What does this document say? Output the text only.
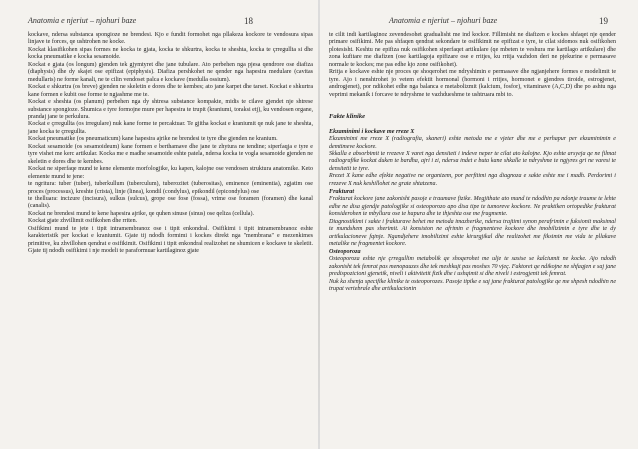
Anatomia e njeriut – njohuri baze	18

kockave, ndersa substanca spongioze ne brendesi. Kjo e fundit formohet nga pllakeza kockore te vendosura sipas linjave te forces, qe ushtrohen ne kocke.

Kockat klasifikohen sipas formes ne kocka te gjata, kocka te shkurtra, kocka te sheshta, kocka te çrregullta si dhe kocka pneumatike e kocka sesamoide.

Kockat e gjata (os longum) gjenden tek gjymtyret dhe jane tubulare. Ato perbehen nga pjesa qendrore ose diafiza (diaphysis) dhe dy skajet ose epifizat (epiphysis). Diafiza pershkohet ne qender nga hapesira medulare (cavitas medullaris) ne forme kanali, ne te cilin vendoset palca e kockave (medulla ossium).

Kockat e shkurtra (os breve) gjenden ne skeletin e dores dhe te kembes; ato jane karpet dhe tarset. Kockat e shkurtra kane formen e kubit ose forme te ngjashme me te.

Kockat e sheshta (os planum) perbehen nga dy shtresa substance kompakte, midis te cilave gjendet nje shtrese substance spongioze. Shumica e tyre formojne mure per hapesira te trupit (kraniumi, toraksi etj), ku vendosen organe, prandaj jane te perkulura.

Kockat e çrregullta (os irregulare) nuk kane forme te percaktuar. Te gjitha kockat e kraniumit qe nuk jane te sheshta, jane kocka te çrregullta.

Kockat pneumatike (os pneumaticum) kane hapesira ajrike ne brendesi te tyre dhe gjenden ne kranium.

Kockat sesamoide (os sesamoideum) kane formen e berthamave dhe jane te zhytura ne tendine; siperfaqja e tyre e tyre vishet me kerc artikular. Kocka me e madhe sesamoide eshte patela, ndersa kocka te vogla sesamoide gjenden ne skeletin e dores dhe te kembes.

Kockat ne siperfaqe mund te kene elemente morfologjike, ku kapen, kalojne ose vendosen struktura anatomike. Keto elemente mund te jene:

te ngritura: tuber (tuber), tuberkullum (tuberculum), tuberozitet (tuberositas), eminence (eminentia), zgjatim ose proces (processus), kreshte (crista), linje (linea), kondil (condylus), epikondil (epicondylus) ose

te thelluara: incizure (incisura), sulkus (sulcus), grope ose fose (fossa), vrime ose foramen (foramen) dhe kanal (canalis).

Kockat ne brendesi mund te kene hapesira ajrike, qe quhen sinuse (sinus) ose qeliza (cellula).

Kockat gjate zhvillimit osifikohen dhe rriten.

Osifikimi mund te jete i tipit intramembranoz ose i tipit enkondral. Osifikimi i tipit intramembranoz eshte karakteristik per kockat e kraniumit. Gjate tij ndodh formimi i kockes direkt nga "membrana" e mezenkimes primitive, ku zhvillohen qendrat e osifikimit. Osifikimi i tipit enkondral realizohet ne shumicen e kockave te skeletit. Gjate tij ndodh osifikimi i nje modeli te paraformuar kartilaginoz gjate

Anatomia e njeriut – njohuri baze	19

te cilit indi kartilaginoz zevendesohet gradualisht me ind kockor. Fillimisht ne diafizen e kockes shfaqet nje qender primare osifikimi. Me pas shfaqen qendrat sekondare te osifikimit ne epifizat e tyre, te cilat sidomos nuk osifikohen plotesisht. Keshtu ne epifiza nuk osifikohen siperfaqet artikulare (qe mbeten te veshura me kartilago artikulare) dhe zona kufitare me diafizen (ose kartilagoja epifizare ose e rritjes, ku rritja vazhdon deri ne pjekurine e permasave normale te kockes; me pas edhe kjo zone osifikohet).

Rritja e kockave eshte nje proces qe shoqerohet me ndryshimin e permasave dhe ngjanjehere formes e modelimit te tyre. Ajo i nenshtrohet jo vetem efektit hormonal (hormoni i rritjes, hormonet e gjendres tiroide, estrogjenet, androgjenet), por ndikohet edhe nga balanca e metabolizmit (kalcium, fosfor), vitaminave (A,C,D) dhe po ashtu nga veprimi mekanik i forcave te ndryshme te vazhdueshme te ushtruara mbi to.

Fakte klinike

Ekzaminimi i kockave me rreze X

Ekzaminimi me rreze X (radiografia, skaneri) eshte metoda me e vjeter dhe me e perhapur per ekzaminimin e demtimeve kockore.

Skkalla e absorbimit te rrezeve X varet nga densiteti i indeve neper te cilat ato kalojne. Kjo eshte arsyeja qe ne filmat radiografike kockat duken te bardha, ajri i zi, ndersa indet e buta kane shkalle te ndryshme te ngjyres gri ne varesi te densitetit te tyre.

Rrezet X kane edhe efekte negative ne organizem, por perfitimi nga diagnoza e sakte eshte me i madh. Perdorimi i rrezeve X nuk keshillohet ne grate shtatzena.

Frakturat

Frakturat kockore jane zakonisht pasoje e traumave fizike. Megjithate ato mund te ndodhin pa ndonje traume te lehte edhe ne disa gjendje patologjike si osteoporozo apo disa tipe te tumoreve kockore. Ne praktiken ortopedike frakturat konsiderohen te mbyllura ose te hapura dhe te thjeshta ose me fragmente.

Diagnostikimi i sakte i frakturave behet me metoda imazherike, ndersa trajtimi synon perafrimin e fuksionit maksimal te mundshem pas sherimit. Ai konsiston ne afrimin e fragmenteve kockore dhe imobilizimin e tyre dhe te dy artikulacioneve fqinje. Ngandjehere imobilizimi eshte kirurgjikal dhe realizohet me fiksimin me vida te pllakave metalike ne fragmentet kockore.

Osteoporoza

Osteoporoza eshte nje çrregullim metabolik qe shoqerohet me ulje te sasise se kalciumit ne kocke. Ajo ndodh zakonisht tek femrat pas menopauzes dhe tek meshkujt pas moshes 70 vjeç. Faktoret qe ndikojne ne shfaqjen e saj jane predispozicioni gjenetik, niveli i aktivitetit fizik dhe i ushqimit si dhe niveli i estrogjenit tek femrat.

Nuk ka shenja specifike klinike te osteoporozes. Pasoje tipike e saj jane frakturat patologjike qe me shpesh ndodhin ne trupat vertebrale dhe artikulacionin
